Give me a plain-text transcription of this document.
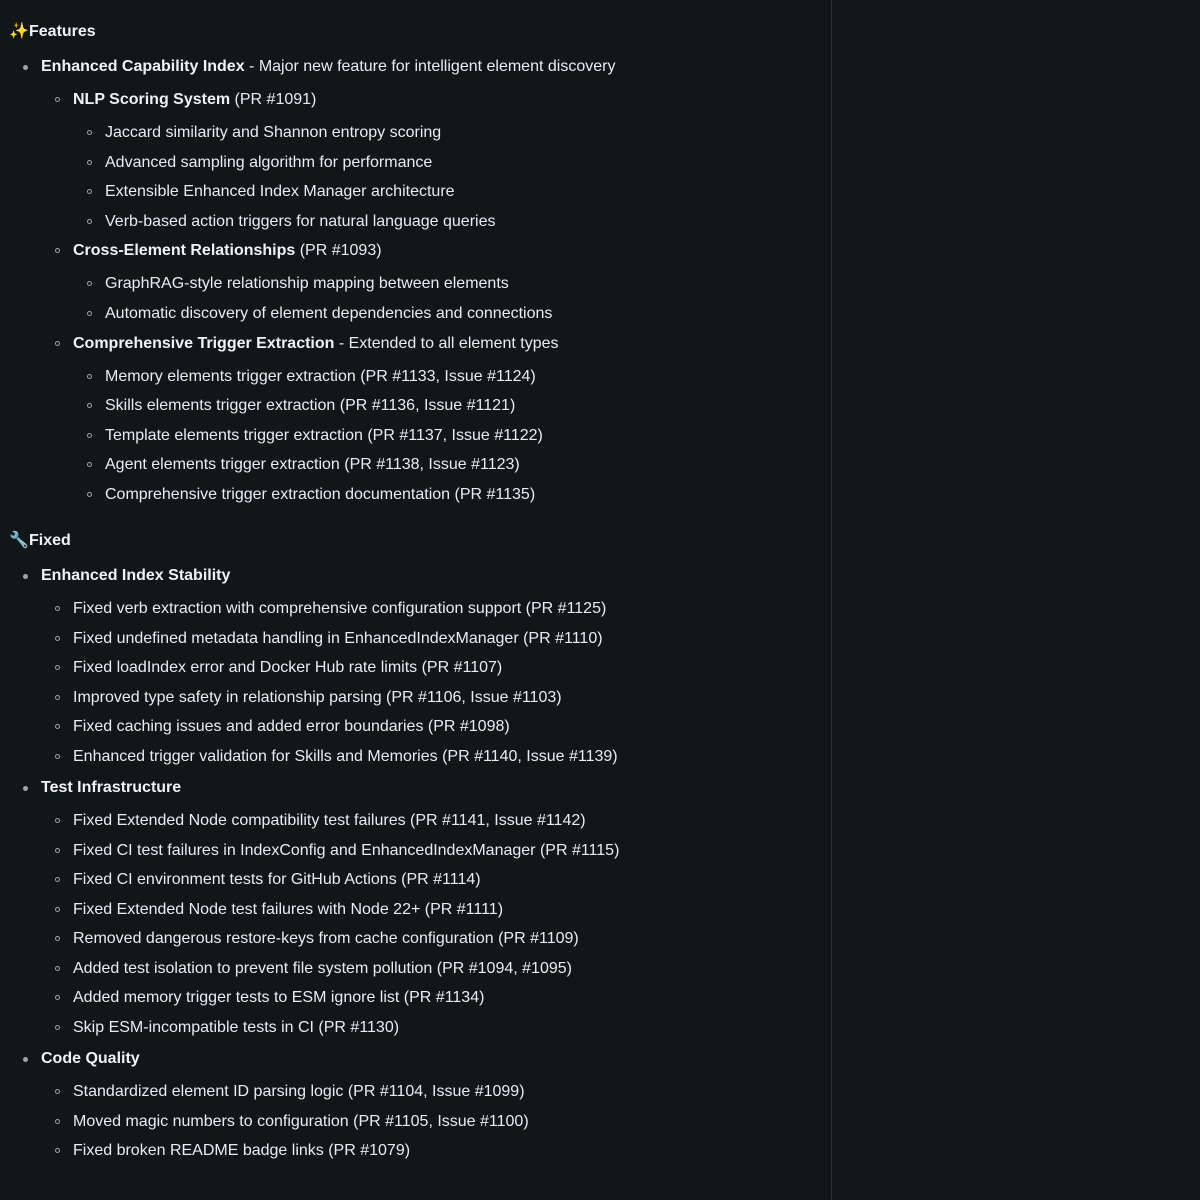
✨Features
Enhanced Capability Index - Major new feature for intelligent element discovery
NLP Scoring System (PR #1091)
Jaccard similarity and Shannon entropy scoring
Advanced sampling algorithm for performance
Extensible Enhanced Index Manager architecture
Verb-based action triggers for natural language queries
Cross-Element Relationships (PR #1093)
GraphRAG-style relationship mapping between elements
Automatic discovery of element dependencies and connections
Comprehensive Trigger Extraction - Extended to all element types
Memory elements trigger extraction (PR #1133, Issue #1124)
Skills elements trigger extraction (PR #1136, Issue #1121)
Template elements trigger extraction (PR #1137, Issue #1122)
Agent elements trigger extraction (PR #1138, Issue #1123)
Comprehensive trigger extraction documentation (PR #1135)
🔧Fixed
Enhanced Index Stability
Fixed verb extraction with comprehensive configuration support (PR #1125)
Fixed undefined metadata handling in EnhancedIndexManager (PR #1110)
Fixed loadIndex error and Docker Hub rate limits (PR #1107)
Improved type safety in relationship parsing (PR #1106, Issue #1103)
Fixed caching issues and added error boundaries (PR #1098)
Enhanced trigger validation for Skills and Memories (PR #1140, Issue #1139)
Test Infrastructure
Fixed Extended Node compatibility test failures (PR #1141, Issue #1142)
Fixed CI test failures in IndexConfig and EnhancedIndexManager (PR #1115)
Fixed CI environment tests for GitHub Actions (PR #1114)
Fixed Extended Node test failures with Node 22+ (PR #1111)
Removed dangerous restore-keys from cache configuration (PR #1109)
Added test isolation to prevent file system pollution (PR #1094, #1095)
Added memory trigger tests to ESM ignore list (PR #1134)
Skip ESM-incompatible tests in CI (PR #1130)
Code Quality
Standardized element ID parsing logic (PR #1104, Issue #1099)
Moved magic numbers to configuration (PR #1105, Issue #1100)
Fixed broken README badge links (PR #1079)
